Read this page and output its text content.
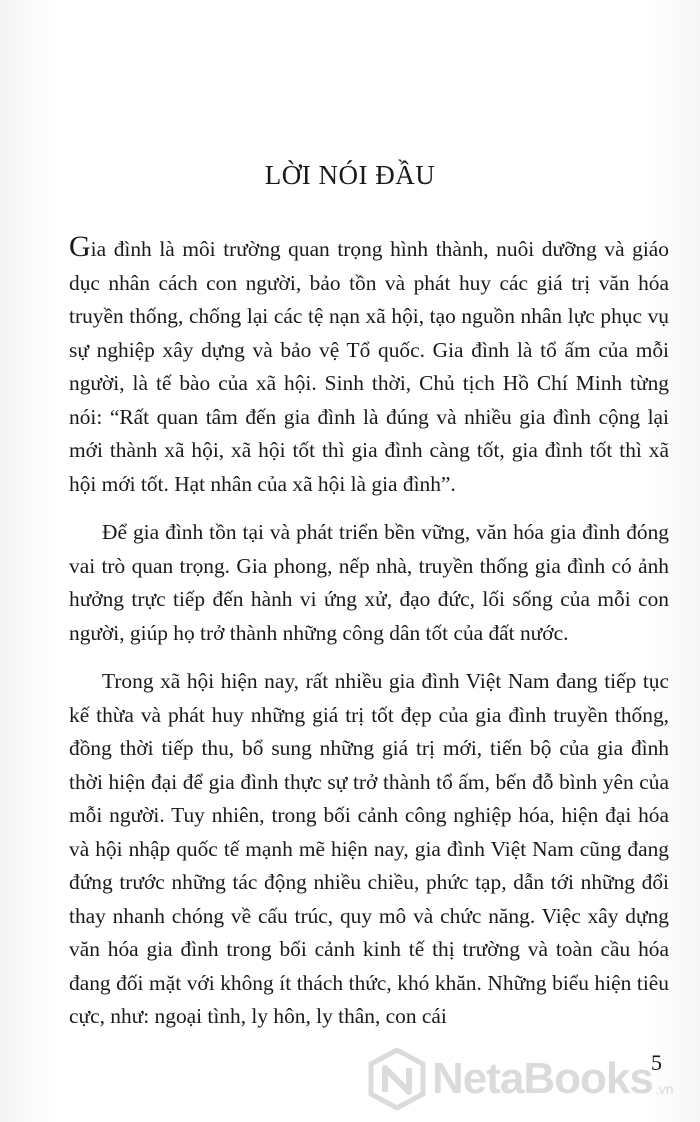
LỜI NÓI ĐẦU

Gia đình là môi trường quan trọng hình thành, nuôi dưỡng và giáo dục nhân cách con người, bảo tồn và phát huy các giá trị văn hóa truyền thống, chống lại các tệ nạn xã hội, tạo nguồn nhân lực phục vụ sự nghiệp xây dựng và bảo vệ Tổ quốc. Gia đình là tổ ấm của mỗi người, là tế bào của xã hội. Sinh thời, Chủ tịch Hồ Chí Minh từng nói: “Rất quan tâm đến gia đình là đúng và nhiều gia đình cộng lại mới thành xã hội, xã hội tốt thì gia đình càng tốt, gia đình tốt thì xã hội mới tốt. Hạt nhân của xã hội là gia đình”.

Để gia đình tồn tại và phát triển bền vững, văn hóa gia đình đóng vai trò quan trọng. Gia phong, nếp nhà, truyền thống gia đình có ảnh hưởng trực tiếp đến hành vi ứng xử, đạo đức, lối sống của mỗi con người, giúp họ trở thành những công dân tốt của đất nước.

Trong xã hội hiện nay, rất nhiều gia đình Việt Nam đang tiếp tục kế thừa và phát huy những giá trị tốt đẹp của gia đình truyền thống, đồng thời tiếp thu, bổ sung những giá trị mới, tiến bộ của gia đình thời hiện đại để gia đình thực sự trở thành tổ ấm, bến đỗ bình yên của mỗi người. Tuy nhiên, trong bối cảnh công nghiệp hóa, hiện đại hóa và hội nhập quốc tế mạnh mẽ hiện nay, gia đình Việt Nam cũng đang đứng trước những tác động nhiều chiều, phức tạp, dẫn tới những đổi thay nhanh chóng về cấu trúc, quy mô và chức năng. Việc xây dựng văn hóa gia đình trong bối cảnh kinh tế thị trường và toàn cầu hóa đang đối mặt với không ít thách thức, khó khăn. Những biểu hiện tiêu cực, như: ngoại tình, ly hôn, ly thân, con cái

NetaBooks .vn
5
